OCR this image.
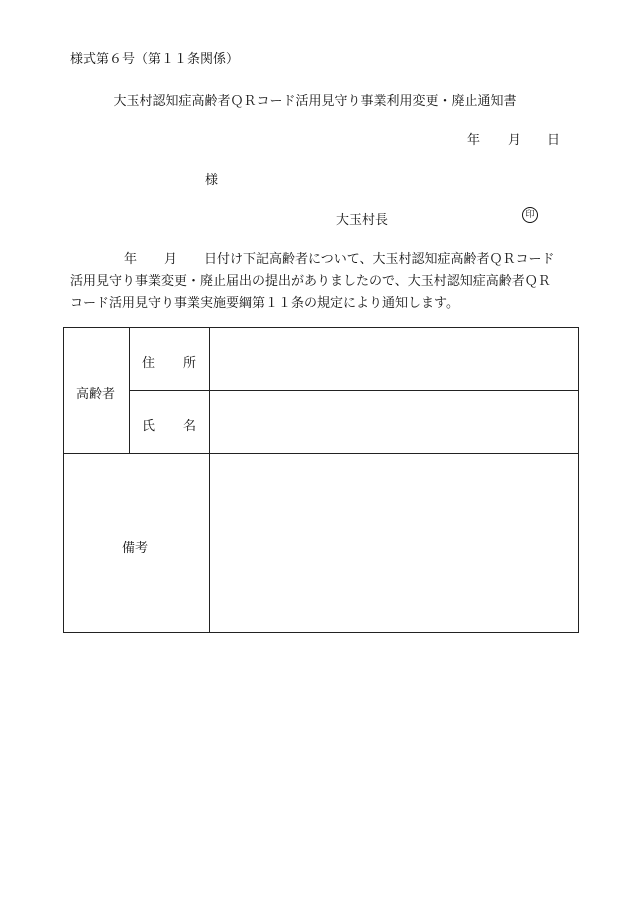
様式第６号（第１１条関係）
大玉村認知症高齢者ＱＲコード活用見守り事業利用変更・廃止通知書
年 月 日
様
大玉村長	印
年 月 日付け下記高齢者について、大玉村認知症高齢者ＱＲコード
活用見守り事業変更・廃止届出の提出がありましたので、大玉村認知症高齢者ＱＲ
コード活用見守り事業実施要綱第１１条の規定により通知します。
高齢者
住 所
氏 名
備考
